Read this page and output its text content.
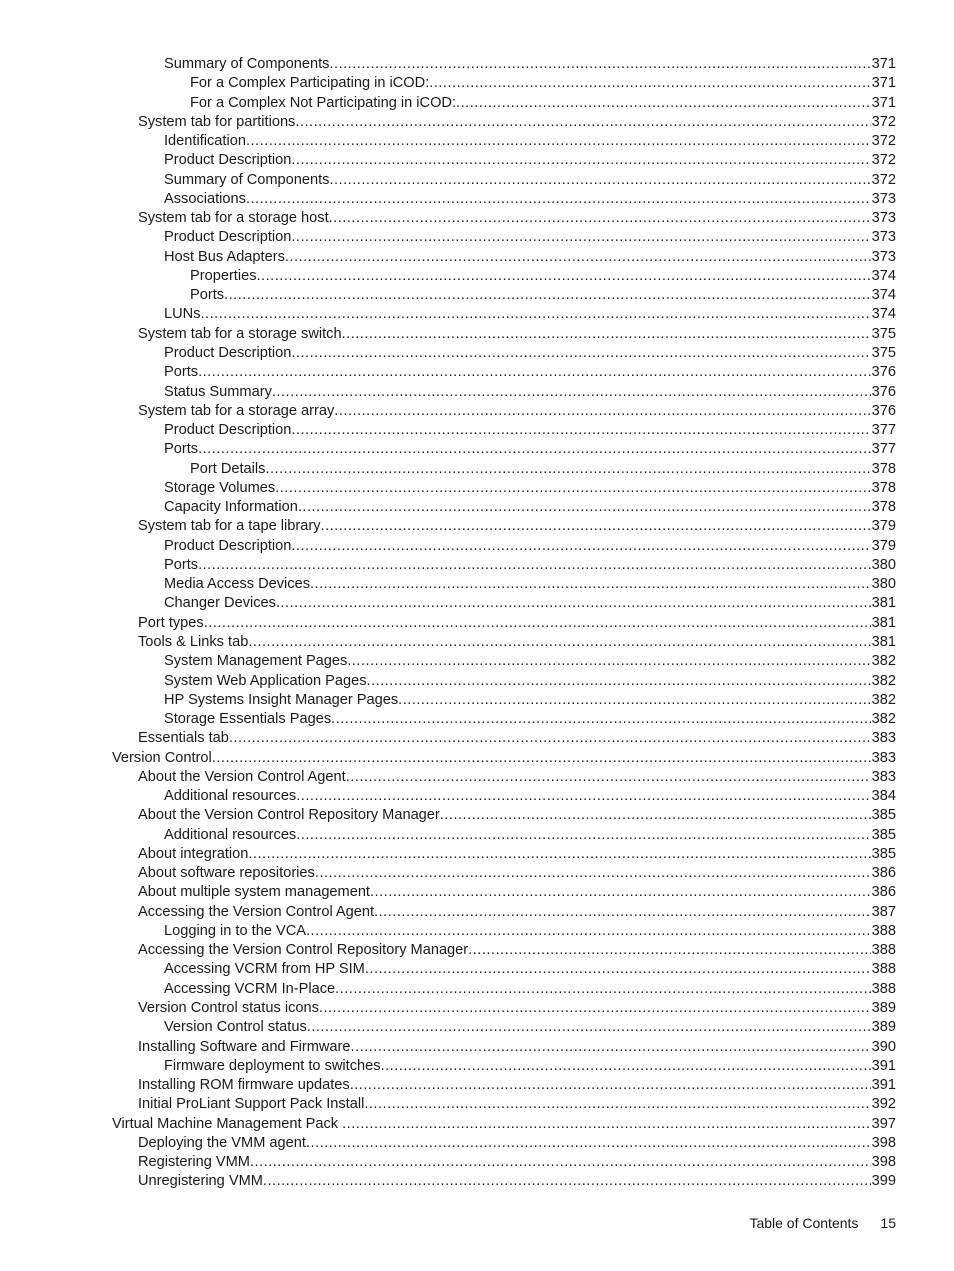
Summary of Components .....	371
For a Complex Participating in iCOD: .....	371
For a Complex Not Participating in iCOD: .....	371
System tab for partitions .....	372
Identification .....	372
Product Description .....	372
Summary of Components .....	372
Associations .....	373
System tab for a storage host .....	373
Product Description .....	373
Host Bus Adapters .....	373
Properties .....	374
Ports .....	374
LUNs .....	374
System tab for a storage switch .....	375
Product Description .....	375
Ports .....	376
Status Summary .....	376
System tab for a storage array .....	376
Product Description .....	377
Ports .....	377
Port Details .....	378
Storage Volumes .....	378
Capacity Information .....	378
System tab for a tape library .....	379
Product Description .....	379
Ports .....	380
Media Access Devices .....	380
Changer Devices .....	381
Port types .....	381
Tools & Links tab .....	381
System Management Pages .....	382
System Web Application Pages .....	382
HP Systems Insight Manager Pages .....	382
Storage Essentials Pages .....	382
Essentials tab .....	383
Version Control .....	383
About the Version Control Agent .....	383
Additional resources .....	384
About the Version Control Repository Manager .....	385
Additional resources .....	385
About integration .....	385
About software repositories .....	386
About multiple system management .....	386
Accessing the Version Control Agent .....	387
Logging in to the VCA .....	388
Accessing the Version Control Repository Manager .....	388
Accessing VCRM from HP SIM .....	388
Accessing VCRM In-Place .....	388
Version Control status icons .....	389
Version Control status .....	389
Installing Software and Firmware .....	390
Firmware deployment to switches .....	391
Installing ROM firmware updates .....	391
Initial ProLiant Support Pack Install .....	392
Virtual Machine Management Pack .....	397
Deploying the VMM agent .....	398
Registering VMM .....	398
Unregistering VMM .....	399
Table of Contents 15
